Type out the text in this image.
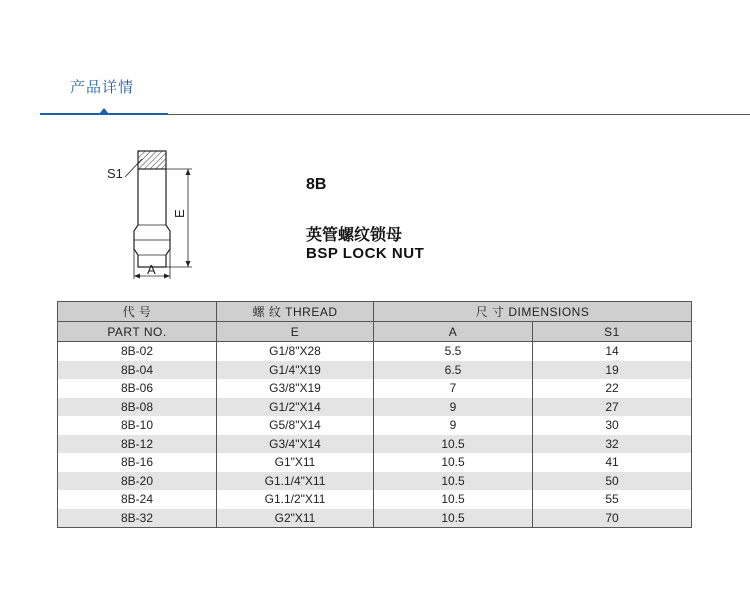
产品详情
S1
E
A
8B
英管螺纹锁母
BSP LOCK NUT
代 号	螺 纹 THREAD	尺 寸 DIMENSIONS	
PART NO.	E	A	S1
8B-02	G1/8"X28	5.5	14
8B-04	G1/4"X19	6.5	19
8B-06	G3/8"X19	7	22
8B-08	G1/2"X14	9	27
8B-10	G5/8"X14	9	30
8B-12	G3/4"X14	10.5	32
8B-16	G1"X11	10.5	41
8B-20	G1.1/4"X11	10.5	50
8B-24	G1.1/2"X11	10.5	55
8B-32	G2"X11	10.5	70
